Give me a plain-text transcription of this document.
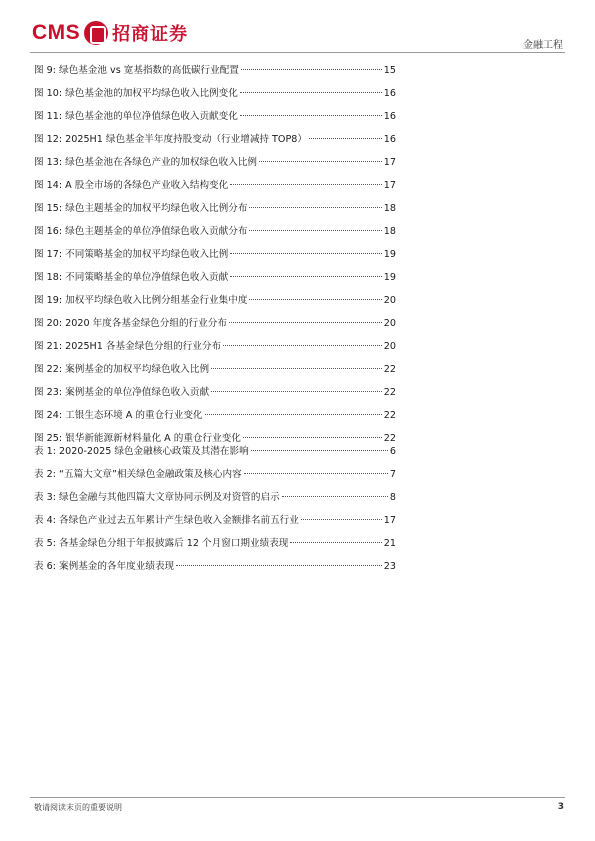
CMS 招商证券
金融工程
图 9: 绿色基金池 vs 宽基指数的高低碳行业配置	15
图 10: 绿色基金池的加权平均绿色收入比例变化	16
图 11: 绿色基金池的单位净值绿色收入贡献变化	16
图 12: 2025H1 绿色基金半年度持股变动（行业增减持 TOP8）	16
图 13: 绿色基金池在各绿色产业的加权绿色收入比例	17
图 14: A 股全市场的各绿色产业收入结构变化	17
图 15: 绿色主题基金的加权平均绿色收入比例分布	18
图 16: 绿色主题基金的单位净值绿色收入贡献分布	18
图 17: 不同策略基金的加权平均绿色收入比例	19
图 18: 不同策略基金的单位净值绿色收入贡献	19
图 19: 加权平均绿色收入比例分组基金行业集中度	20
图 20: 2020 年度各基金绿色分组的行业分布	20
图 21: 2025H1 各基金绿色分组的行业分布	20
图 22: 案例基金的加权平均绿色收入比例	22
图 23: 案例基金的单位净值绿色收入贡献	22
图 24: 工银生态环境 A 的重仓行业变化	22
图 25: 银华新能源新材料量化 A 的重仓行业变化	22
表 1: 2020-2025 绿色金融核心政策及其潜在影响	6
表 2: “五篇大文章”相关绿色金融政策及核心内容	7
表 3: 绿色金融与其他四篇大文章协同示例及对资管的启示	8
表 4: 各绿色产业过去五年累计产生绿色收入金额排名前五行业	17
表 5: 各基金绿色分组于年报披露后 12 个月窗口期业绩表现	21
表 6: 案例基金的各年度业绩表现	23
敬请阅读末页的重要说明	3
